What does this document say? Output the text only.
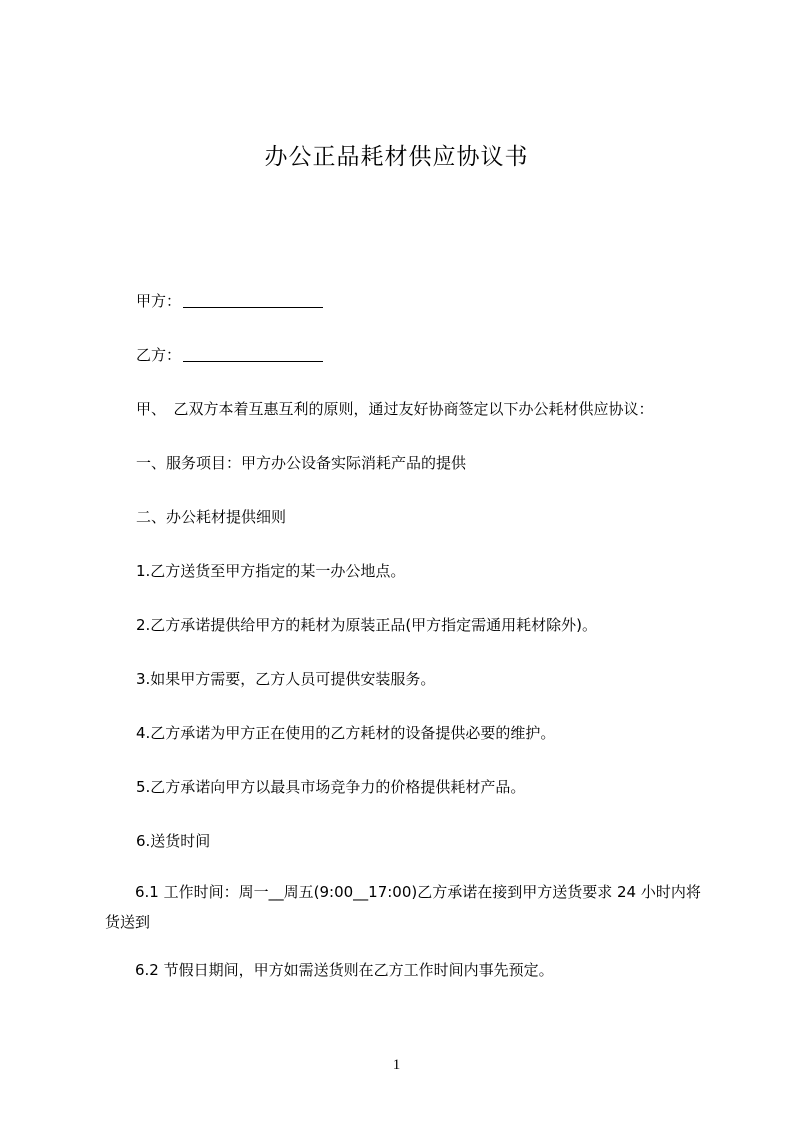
办公正品耗材供应协议书
甲方：
乙方：
甲、　乙双方本着互惠互利的原则，通过友好协商签定以下办公耗材供应协议：
一、服务项目：甲方办公设备实际消耗产品的提供
二、办公耗材提供细则
1.乙方送货至甲方指定的某一办公地点。
2.乙方承诺提供给甲方的耗材为原装正品(甲方指定需通用耗材除外)。
3.如果甲方需要，乙方人员可提供安装服务。
4.乙方承诺为甲方正在使用的乙方耗材的设备提供必要的维护。
5.乙方承诺向甲方以最具市场竞争力的价格提供耗材产品。
6.送货时间
6.1 工作时间：周一__周五(9:00__17:00)乙方承诺在接到甲方送货要求 24 小时内将货送到
6.2 节假日期间，甲方如需送货则在乙方工作时间内事先预定。
1
